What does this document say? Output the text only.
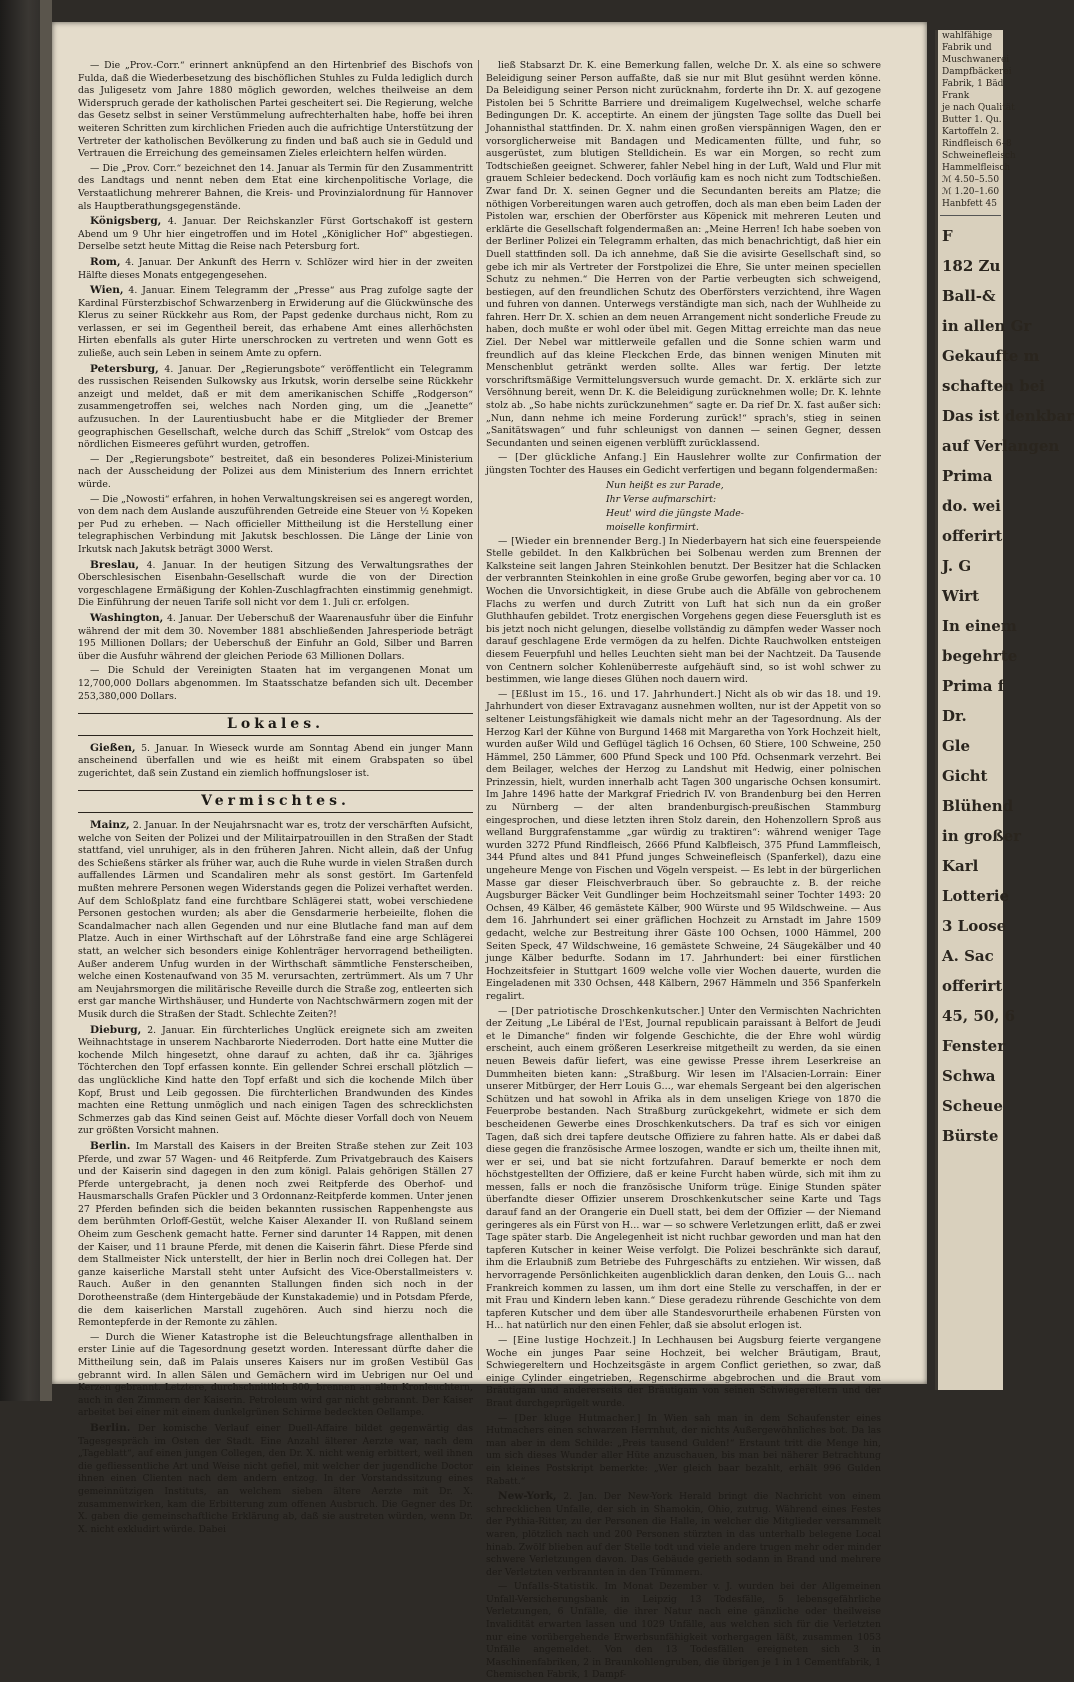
— Die „Prov.-Corr.“ erinnert anknüpfend an den Hirtenbrief des Bischofs von Fulda, daß die Wiederbesetzung des bischöflichen Stuhles zu Fulda lediglich durch das Juligesetz vom Jahre 1880 möglich geworden, welches theilweise an dem Widerspruch gerade der katholischen Partei gescheitert sei. Die Regierung, welche das Gesetz selbst in seiner Verstümmelung aufrechterhalten habe, hoffe bei ihren weiteren Schritten zum kirchlichen Frieden auch die aufrichtige Unterstützung der Vertreter der katholischen Bevölkerung zu finden und baß auch sie in Geduld und Vertrauen die Erreichung des gemeinsamen Zieles erleichtern helfen würden.

— Die „Prov. Corr.“ bezeichnet den 14. Januar als Termin für den Zusammentritt des Landtags und nennt neben dem Etat eine kirchenpolitische Vorlage, die Verstaatlichung mehrerer Bahnen, die Kreis- und Provinzialordnung für Hannover als Hauptberathungsgegenstände.

Königsberg, 4. Januar. Der Reichskanzler Fürst Gortschakoff ist gestern Abend um 9 Uhr hier eingetroffen und im Hotel „Königlicher Hof“ abgestiegen. Derselbe setzt heute Mittag die Reise nach Petersburg fort.

Rom, 4. Januar. Der Ankunft des Herrn v. Schlözer wird hier in der zweiten Hälfte dieses Monats entgegengesehen.

Wien, 4. Januar. Einem Telegramm der „Presse“ aus Prag zufolge sagte der Kardinal Fürsterzbischof Schwarzenberg in Erwiderung auf die Glückwünsche des Klerus zu seiner Rückkehr aus Rom, der Papst gedenke durchaus nicht, Rom zu verlassen, er sei im Gegentheil bereit, das erhabene Amt eines allerhöchsten Hirten ebenfalls als guter Hirte unerschrocken zu vertreten und wenn Gott es zuließe, auch sein Leben in seinem Amte zu opfern.

Petersburg, 4. Januar. Der „Regierungsbote“ veröffentlicht ein Telegramm des russischen Reisenden Sulkowsky aus Irkutsk, worin derselbe seine Rückkehr anzeigt und meldet, daß er mit dem amerikanischen Schiffe „Rodgerson“ zusammengetroffen sei, welches nach Norden ging, um die „Jeanette“ aufzusuchen. In der Laurentiusbucht habe er die Mitglieder der Bremer geographischen Gesellschaft, welche durch das Schiff „Strelok“ vom Ostcap des nördlichen Eismeeres geführt wurden, getroffen.

— Der „Regierungsbote“ bestreitet, daß ein besonderes Polizei-Ministerium nach der Ausscheidung der Polizei aus dem Ministerium des Innern errichtet würde.

— Die „Nowosti“ erfahren, in hohen Verwaltungskreisen sei es angeregt worden, von dem nach dem Auslande auszuführenden Getreide eine Steuer von ½ Kopeken per Pud zu erheben. — Nach officieller Mittheilung ist die Herstellung einer telegraphischen Verbindung mit Jakutsk beschlossen. Die Länge der Linie von Irkutsk nach Jakutsk beträgt 3000 Werst.

Breslau, 4. Januar. In der heutigen Sitzung des Verwaltungsrathes der Oberschlesischen Eisenbahn-Gesellschaft wurde die von der Direction vorgeschlagene Ermäßigung der Kohlen-Zuschlagfrachten einstimmig genehmigt. Die Einführung der neuen Tarife soll nicht vor dem 1. Juli cr. erfolgen.

Washington, 4. Januar. Der Ueberschuß der Waarenausfuhr über die Einfuhr während der mit dem 30. November 1881 abschließenden Jahresperiode beträgt 195 Millionen Dollars; der Ueberschuß der Einfuhr an Gold, Silber und Barren über die Ausfuhr während der gleichen Periode 63 Millionen Dollars.

— Die Schuld der Vereinigten Staaten hat im vergangenen Monat um 12,700,000 Dollars abgenommen. Im Staatsschatze befanden sich ult. December 253,380,000 Dollars.

Lokales.

Gießen, 5. Januar. In Wieseck wurde am Sonntag Abend ein junger Mann anscheinend überfallen und wie es heißt mit einem Grabspaten so übel zugerichtet, daß sein Zustand ein ziemlich hoffnungsloser ist.

Vermischtes.

Mainz, 2. Januar. In der Neujahrsnacht war es, trotz der verschärften Aufsicht, welche von Seiten der Polizei und der Militairpatrouillen in den Straßen der Stadt stattfand, viel unruhiger, als in den früheren Jahren. Nicht allein, daß der Unfug des Schießens stärker als früher war, auch die Ruhe wurde in vielen Straßen durch auffallendes Lärmen und Scandaliren mehr als sonst gestört. Im Gartenfeld mußten mehrere Personen wegen Widerstands gegen die Polizei verhaftet werden. Auf dem Schloßplatz fand eine furchtbare Schlägerei statt, wobei verschiedene Personen gestochen wurden; als aber die Gensdarmerie herbeieilte, flohen die Scandalmacher nach allen Gegenden und nur eine Blutlache fand man auf dem Platze. Auch in einer Wirthschaft auf der Löhrstraße fand eine arge Schlägerei statt, an welcher sich besonders einige Kohlenträger hervorragend betheiligten. Außer anderem Unfug wurden in der Wirthschaft sämmtliche Fensterscheiben, welche einen Kostenaufwand von 35 M. verursachten, zertrümmert. Als um 7 Uhr am Neujahrsmorgen die militärische Reveille durch die Straße zog, entleerten sich erst gar manche Wirthshäuser, und Hunderte von Nachtschwärmern zogen mit der Musik durch die Straßen der Stadt. Schlechte Zeiten?!

Dieburg, 2. Januar. Ein fürchterliches Unglück ereignete sich am zweiten Weihnachtstage in unserem Nachbarorte Niederroden. Dort hatte eine Mutter die kochende Milch hingesetzt, ohne darauf zu achten, daß ihr ca. 3jähriges Töchterchen den Topf erfassen konnte. Ein gellender Schrei erschall plötzlich — das unglückliche Kind hatte den Topf erfaßt und sich die kochende Milch über Kopf, Brust und Leib gegossen. Die fürchterlichen Brandwunden des Kindes machten eine Rettung unmöglich und nach einigen Tagen des schrecklichsten Schmerzes gab das Kind seinen Geist auf. Möchte dieser Vorfall doch von Neuem zur größten Vorsicht mahnen.

Berlin. Im Marstall des Kaisers in der Breiten Straße stehen zur Zeit 103 Pferde, und zwar 57 Wagen- und 46 Reitpferde. Zum Privatgebrauch des Kaisers und der Kaiserin sind dagegen in den zum königl. Palais gehörigen Ställen 27 Pferde untergebracht, ja denen noch zwei Reitpferde des Oberhof- und Hausmarschalls Grafen Pückler und 3 Ordonnanz-Reitpferde kommen. Unter jenen 27 Pferden befinden sich die beiden bekannten russischen Rappenhengste aus dem berühmten Orloff-Gestüt, welche Kaiser Alexander II. von Rußland seinem Oheim zum Geschenk gemacht hatte. Ferner sind darunter 14 Rappen, mit denen der Kaiser, und 11 braune Pferde, mit denen die Kaiserin fährt. Diese Pferde sind dem Stallmeister Nick unterstellt, der hier in Berlin noch drei Collegen hat. Der ganze kaiserliche Marstall steht unter Aufsicht des Vice-Oberstallmeisters v. Rauch. Außer in den genannten Stallungen finden sich noch in der Dorotheenstraße (dem Hintergebäude der Kunstakademie) und in Potsdam Pferde, die dem kaiserlichen Marstall zugehören. Auch sind hierzu noch die Remontepferde in der Remonte zu zählen.

— Durch die Wiener Katastrophe ist die Beleuchtungsfrage allenthalben in erster Linie auf die Tagesordnung gesetzt worden. Interessant dürfte daher die Mittheilung sein, daß im Palais unseres Kaisers nur im großen Vestibül Gas gebrannt wird. In allen Sälen und Gemächern wird im Uebrigen nur Oel und Kerzen gebrannt. Letztere, durchschnittlich 800, brennen an allen Kronleuchtern, auch in den Zimmern der Kaiserin. Petroleum wird gar nicht gebrannt. Der Kaiser arbeitet bei einer mit einem dunkelgrünen Schirme bedeckten Oellampe.

Berlin. Der komische Verlauf einer Duell-Affaire bildet gegenwärtig das Tagesgespräch im Osten der Stadt. Eine Anzahl älterer Aerzte war, nach dem „Tageblatt“, auf einen jungen Collegen, den Dr. X. nicht wenig erbittert, weil ihnen die gefliessentliche Art und Weise nicht gefiel, mit welcher der jugendliche Doctor ihnen einen Clienten nach dem andern entzog. In der Vorstandssitzung eines gemeinnützigen Instituts, an welchem sieben ältere Aerzte mit Dr. X. zusammenwirken, kam die Erbitterung zum offenen Ausbruch. Die Gegner des Dr. X. gaben die gemeinschaftliche Erklärung ab, daß sie austreten würden, wenn Dr. X. nicht exkludirt würde. Dabei

ließ Stabsarzt Dr. K. eine Bemerkung fallen, welche Dr. X. als eine so schwere Beleidigung seiner Person auffaßte, daß sie nur mit Blut gesühnt werden könne. Da Beleidigung seiner Person nicht zurücknahm, forderte ihn Dr. X. auf gezogene Pistolen bei 5 Schritte Barriere und dreimaligem Kugelwechsel, welche scharfe Bedingungen Dr. K. acceptirte. An einem der jüngsten Tage sollte das Duell bei Johannisthal stattfinden. Dr. X. nahm einen großen vierspännigen Wagen, den er vorsorglicherweise mit Bandagen und Medicamenten füllte, und fuhr, so ausgerüstet, zum blutigen Stelldichein. Es war ein Morgen, so recht zum Todtschießen geeignet. Schwerer, fahler Nebel hing in der Luft, Wald und Flur mit grauem Schleier bedeckend. Doch vorläufig kam es noch nicht zum Todtschießen. Zwar fand Dr. X. seinen Gegner und die Secundanten bereits am Platze; die nöthigen Vorbereitungen waren auch getroffen, doch als man eben beim Laden der Pistolen war, erschien der Oberförster aus Köpenick mit mehreren Leuten und erklärte die Gesellschaft folgendermaßen an: „Meine Herren! Ich habe soeben von der Berliner Polizei ein Telegramm erhalten, das mich benachrichtigt, daß hier ein Duell stattfinden soll. Da ich annehme, daß Sie die avisirte Gesellschaft sind, so gebe ich mir als Vertreter der Forstpolizei die Ehre, Sie unter meinen speciellen Schutz zu nehmen.“ Die Herren von der Partie verbeugten sich schweigend, bestiegen, auf den freundlichen Schutz des Oberförsters verzichtend, ihre Wagen und fuhren von dannen. Unterwegs verständigte man sich, nach der Wuhlheide zu fahren. Herr Dr. X. schien an dem neuen Arrangement nicht sonderliche Freude zu haben, doch mußte er wohl oder übel mit. Gegen Mittag erreichte man das neue Ziel. Der Nebel war mittlerweile gefallen und die Sonne schien warm und freundlich auf das kleine Fleckchen Erde, das binnen wenigen Minuten mit Menschenblut getränkt werden sollte. Alles war fertig. Der letzte vorschriftsmäßige Vermittelungsversuch wurde gemacht. Dr. X. erklärte sich zur Versöhnung bereit, wenn Dr. K. die Beleidigung zurücknehmen wolle; Dr. K. lehnte stolz ab. „So habe nichts zurückzunehmen“ sagte er. Da rief Dr. X. fast außer sich: „Nun, dann nehme ich meine Forderung zurück!“ sprach's, stieg in seinen „Sanitätswagen“ und fuhr schleunigst von dannen — seinen Gegner, dessen Secundanten und seinen eigenen verblüfft zurücklassend.

— [Der glückliche Anfang.] Ein Hauslehrer wollte zur Confirmation der jüngsten Tochter des Hauses ein Gedicht verfertigen und begann folgendermaßen:

Nun heißt es zur Parade,
Ihr Verse aufmarschirt:
Heut' wird die jüngste Made-
moiselle konfirmirt.

— [Wieder ein brennender Berg.] In Niederbayern hat sich eine feuerspeiende Stelle gebildet. In den Kalkbrüchen bei Solbenau werden zum Brennen der Kalksteine seit langen Jahren Steinkohlen benutzt. Der Besitzer hat die Schlacken der verbrannten Steinkohlen in eine große Grube geworfen, beging aber vor ca. 10 Wochen die Unvorsichtigkeit, in diese Grube auch die Abfälle von gebrochenem Flachs zu werfen und durch Zutritt von Luft hat sich nun da ein großer Gluthhaufen gebildet. Trotz energischen Vorgehens gegen diese Feuersgluth ist es bis jetzt noch nicht gelungen, dieselbe vollständig zu dämpfen weder Wasser noch darauf geschlagene Erde vermögen da zu helfen. Dichte Rauchwolken entsteigen diesem Feuerpfuhl und helles Leuchten sieht man bei der Nachtzeit. Da Tausende von Centnern solcher Kohlenüberreste aufgehäuft sind, so ist wohl schwer zu bestimmen, wie lange dieses Glühen noch dauern wird.

— [Eßlust im 15., 16. und 17. Jahrhundert.] Nicht als ob wir das 18. und 19. Jahrhundert von dieser Extravaganz ausnehmen wollten, nur ist der Appetit von so seltener Leistungsfähigkeit wie damals nicht mehr an der Tagesordnung. Als der Herzog Karl der Kühne von Burgund 1468 mit Margaretha von York Hochzeit hielt, wurden außer Wild und Geflügel täglich 16 Ochsen, 60 Stiere, 100 Schweine, 250 Hämmel, 250 Lämmer, 600 Pfund Speck und 100 Pfd. Ochsenmark verzehrt. Bei dem Beilager, welches der Herzog zu Landshut mit Hedwig, einer polnischen Prinzessin, hielt, wurden innerhalb acht Tagen 300 ungarische Ochsen konsumirt. Im Jahre 1496 hatte der Markgraf Friedrich IV. von Brandenburg bei den Herren zu Nürnberg — der alten brandenburgisch-preußischen Stammburg eingesprochen, und diese letzten ihren Stolz darein, den Hohenzollern Sproß aus welland Burggrafenstamme „gar würdig zu traktiren“: während weniger Tage wurden 3272 Pfund Rindfleisch, 2666 Pfund Kalbfleisch, 375 Pfund Lammfleisch, 344 Pfund altes und 841 Pfund junges Schweinefleisch (Spanferkel), dazu eine ungeheure Menge von Fischen und Vögeln verspeist. — Es lebt in der bürgerlichen Masse gar dieser Fleischverbrauch über. So gebrauchte z. B. der reiche Augsburger Bäcker Veit Gundlinger beim Hochzeitsmahl seiner Tochter 1493: 20 Ochsen, 49 Kälber, 46 gemästete Kälber, 900 Würste und 95 Wildschweine. — Aus dem 16. Jahrhundert sei einer gräflichen Hochzeit zu Arnstadt im Jahre 1509 gedacht, welche zur Bestreitung ihrer Gäste 100 Ochsen, 1000 Hämmel, 200 Seiten Speck, 47 Wildschweine, 16 gemästete Schweine, 24 Säugekälber und 40 junge Kälber bedurfte. Sodann im 17. Jahrhundert: bei einer fürstlichen Hochzeitsfeier in Stuttgart 1609 welche volle vier Wochen dauerte, wurden die Eingeladenen mit 330 Ochsen, 448 Kälbern, 2967 Hämmeln und 356 Spanferkeln regalirt.

— [Der patriotische Droschkenkutscher.] Unter den Vermischten Nachrichten der Zeitung „Le Libéral de l'Est, Journal republicain paraissant à Belfort de Jeudi et le Dimanche“ finden wir folgende Geschichte, die der Ehre wohl würdig erscheint, auch einem größeren Leserkreise mitgetheilt zu werden, da sie einen neuen Beweis dafür liefert, was eine gewisse Presse ihrem Leserkreise an Dummheiten bieten kann: „Straßburg. Wir lesen im l'Alsacien-Lorrain: Einer unserer Mitbürger, der Herr Louis G…, war ehemals Sergeant bei den algerischen Schützen und hat sowohl in Afrika als in dem unseligen Kriege von 1870 die Feuerprobe bestanden. Nach Straßburg zurückgekehrt, widmete er sich dem bescheidenen Gewerbe eines Droschkenkutschers. Da traf es sich vor einigen Tagen, daß sich drei tapfere deutsche Offiziere zu fahren hatte. Als er dabei daß diese gegen die französische Armee loszogen, wandte er sich um, theilte ihnen mit, wer er sei, und bat sie nicht fortzufahren. Darauf bemerkte er noch dem höchstgestellten der Offiziere, daß er keine Furcht haben würde, sich mit ihm zu messen, falls er noch die französische Uniform trüge. Einige Stunden später überfandte dieser Offizier unserem Droschkenkutscher seine Karte und Tags darauf fand an der Orangerie ein Duell statt, bei dem der Offizier — der Niemand geringeres als ein Fürst von H… war — so schwere Verletzungen erlitt, daß er zwei Tage später starb. Die Angelegenheit ist nicht ruchbar geworden und man hat den tapferen Kutscher in keiner Weise verfolgt. Die Polizei beschränkte sich darauf, ihm die Erlaubniß zum Betriebe des Fuhrgeschäfts zu entziehen. Wir wissen, daß hervorragende Persönlichkeiten augenblicklich daran denken, den Louis G… nach Frankreich kommen zu lassen, um ihm dort eine Stelle zu verschaffen, in der er mit Frau und Kindern leben kann.“ Diese geradezu rührende Geschichte von dem tapferen Kutscher und dem über alle Standesvorurtheile erhabenen Fürsten von H… hat natürlich nur den einen Fehler, daß sie absolut erlogen ist.

— [Eine lustige Hochzeit.] In Lechhausen bei Augsburg feierte vergangene Woche ein junges Paar seine Hochzeit, bei welcher Bräutigam, Braut, Schwiegereltern und Hochzeitsgäste in argem Conflict geriethen, so zwar, daß einige Cylinder eingetrieben, Regenschirme abgebrochen und die Braut vom Bräutigam und andererseits der Bräutigam von seinen Schwiegereltern und der Braut durchgeprügelt wurde.

— [Der kluge Hutmacher.] In Wien sah man in dem Schaufenster eines Hutmachers einen schwarzen Herrnhut, der nichts Außergewöhnliches bot. Da las man aber in dem Schilde: „Preis tausend Gulden!“ Erstaunt tritt die Menge hin, um sich dieses Wunder aller Hüte anzuschauen, bis man bei näherer Betrachtung ein kleines Postskript bemerkte: „Wer gleich baar bezahlt, erhält 996 Gulden Rabatt.“

New-York, 2. Jan. Der New-York Herald bringt die Nachricht von einem schrecklichen Unfalle, der sich in Shamokin, Ohio, zutrug. Während eines Festes der Pythia-Ritter, zu der Personen die Halle, in welcher die Mitglieder versammelt waren, plötzlich nach und 200 Personen stürzten in das unterhalb belegene Local hinab. Zwölf blieben auf der Stelle todt und viele andere trugen mehr oder minder schwere Verletzungen davon. Das Gebäude gerieth sodann in Brand und mehrere der Verletzten verbrannten in den Trümmern.

— Unfalls-Statistik. Im Monat Dezember v. J. wurden bei der Allgemeinen Unfall-Versicherungsbank in Leipzig 13 Todesfälle, 5 lebensgefährliche Verletzungen, 6 Unfälle, die ihrer Natur nach eine gänzliche oder theilweise Invalidität erwarten lassen und 1029 Unfälle, aus welchen sich für die Verletzten nur eine vorübergehende Erwerbsunfähigkeit vorhergagen läßt, zusammen 1053 Unfälle angemeldet. Von den 13 Todesfällen ereigneten sich 3 in Maschinenfabriken, 2 in Braunkohlengruben, die übrigen je 1 in 1 Cementfabrik, 1 Chemischen Fabrik, 1 Dampf-

wahlfähige
Fabrik und
Muschwanerei
Dampfbäckerei
Fabrik, 1 Bäd
Frank
je nach Qualität
Butter 1. Qu.
Kartoffeln 2.
Rindfleisch 6–8
Schweinefleisch
Hammelfleisch
ℳ 4.50–5.50
ℳ 1.20–1.60
Hanbfett 45
F
182 Zu
Ball-&
in allen Gr
Gekaufte m
schaften bei
Das ist denkbar
auf Verlangen
Prima
do. wei
offerirt
J. G
Wirt
In einem
begehrte
Prima f
Dr.
Gle
Gicht
Blühend
in großer
Karl
Lotterie
3 Loose
A. Sac
offerirt
45, 50, 6
Fenster
Schwa
Scheue
Bürste
